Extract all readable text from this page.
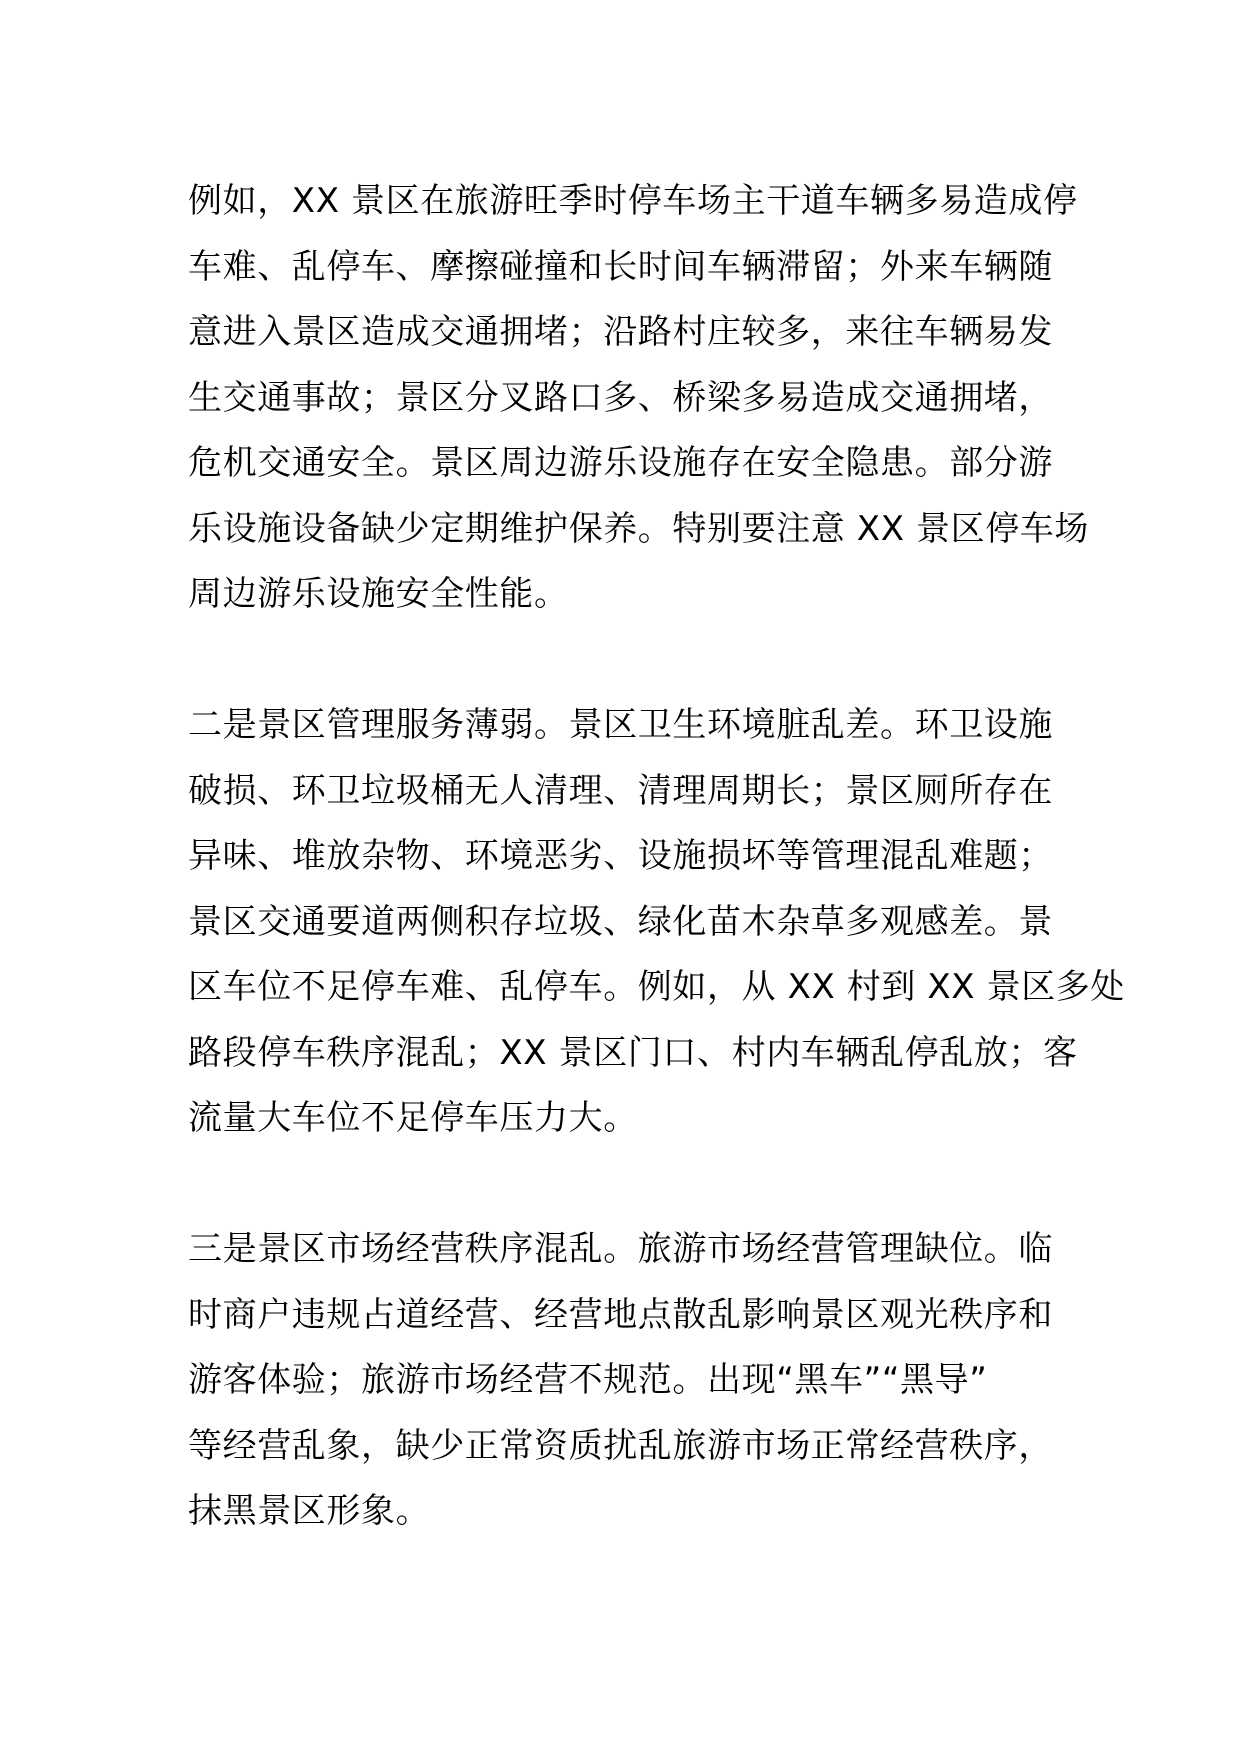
例如，XX 景区在旅游旺季时停车场主干道车辆多易造成停
车难、乱停车、摩擦碰撞和长时间车辆滞留；外来车辆随
意进入景区造成交通拥堵；沿路村庄较多，来往车辆易发
生交通事故；景区分叉路口多、桥梁多易造成交通拥堵，
危机交通安全。景区周边游乐设施存在安全隐患。部分游
乐设施设备缺少定期维护保养。特别要注意 XX 景区停车场
周边游乐设施安全性能。
二是景区管理服务薄弱。景区卫生环境脏乱差。环卫设施
破损、环卫垃圾桶无人清理、清理周期长；景区厕所存在
异味、堆放杂物、环境恶劣、设施损坏等管理混乱难题；
景区交通要道两侧积存垃圾、绿化苗木杂草多观感差。景
区车位不足停车难、乱停车。例如，从 XX 村到 XX 景区多处
路段停车秩序混乱；XX 景区门口、村内车辆乱停乱放；客
流量大车位不足停车压力大。
三是景区市场经营秩序混乱。旅游市场经营管理缺位。临
时商户违规占道经营、经营地点散乱影响景区观光秩序和
游客体验；旅游市场经营不规范。出现“黑车”“黑导”
等经营乱象，缺少正常资质扰乱旅游市场正常经营秩序，
抹黑景区形象。
